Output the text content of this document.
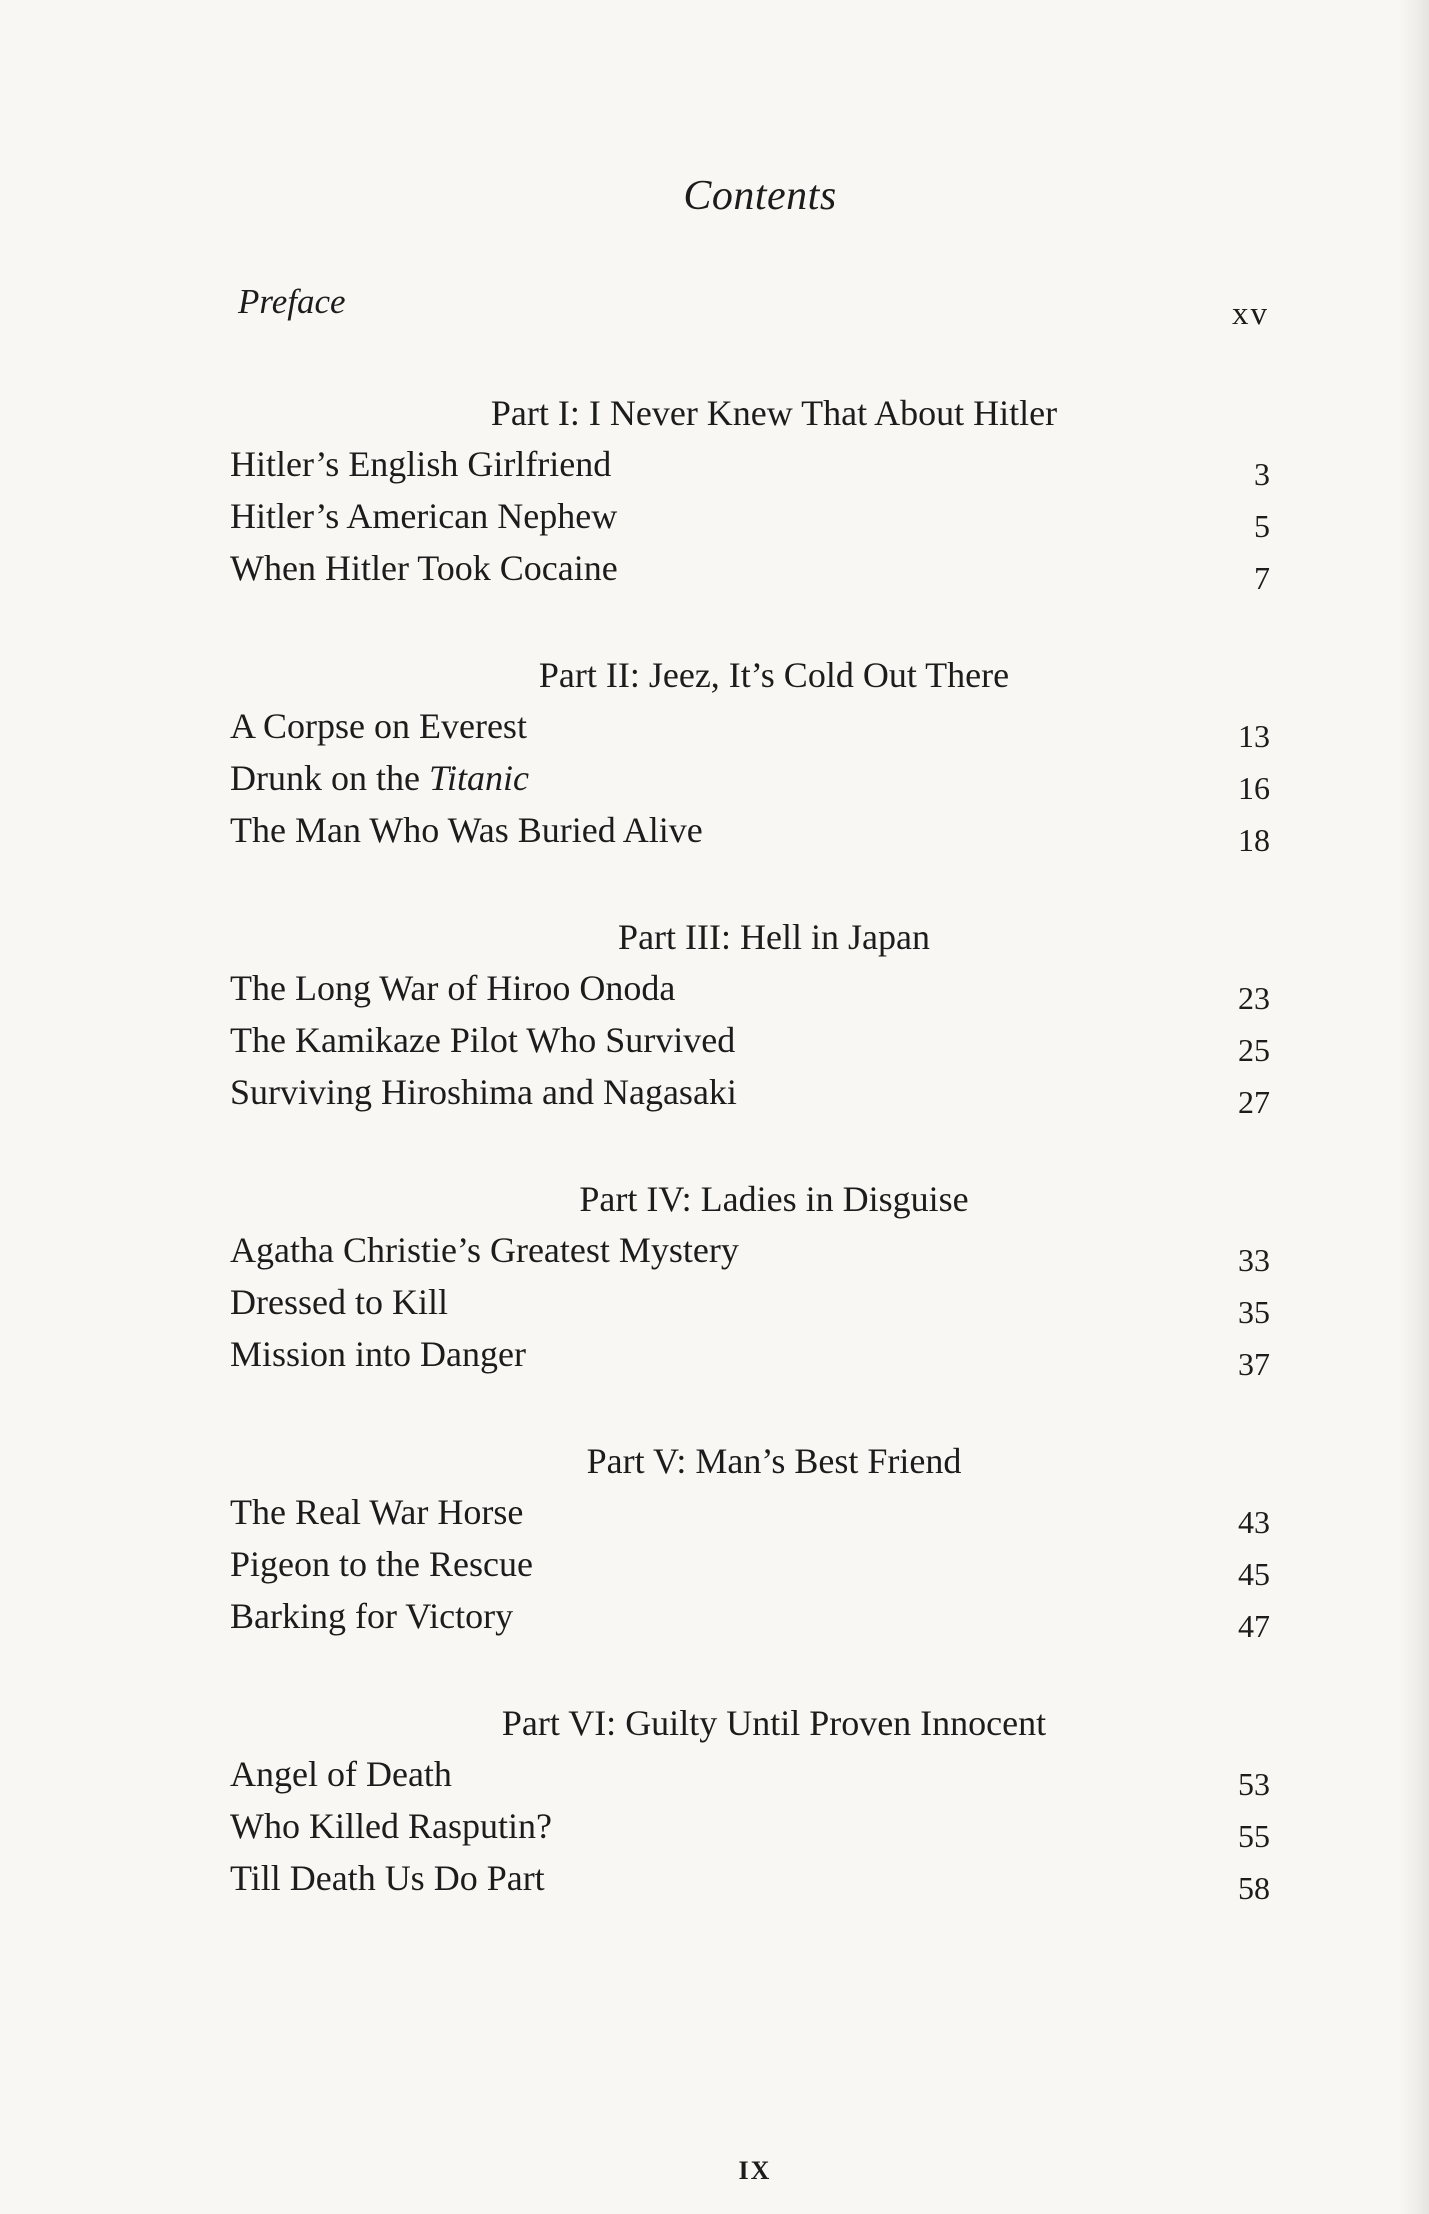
Contents
Preface	xv
Part I: I Never Knew That About Hitler
Hitler’s English Girlfriend	3
Hitler’s American Nephew	5
When Hitler Took Cocaine	7
Part II: Jeez, It’s Cold Out There
A Corpse on Everest	13
Drunk on the Titanic	16
The Man Who Was Buried Alive	18
Part III: Hell in Japan
The Long War of Hiroo Onoda	23
The Kamikaze Pilot Who Survived	25
Surviving Hiroshima and Nagasaki	27
Part IV: Ladies in Disguise
Agatha Christie’s Greatest Mystery	33
Dressed to Kill	35
Mission into Danger	37
Part V: Man’s Best Friend
The Real War Horse	43
Pigeon to the Rescue	45
Barking for Victory	47
Part VI: Guilty Until Proven Innocent
Angel of Death	53
Who Killed Rasputin?	55
Till Death Us Do Part	58
IX
